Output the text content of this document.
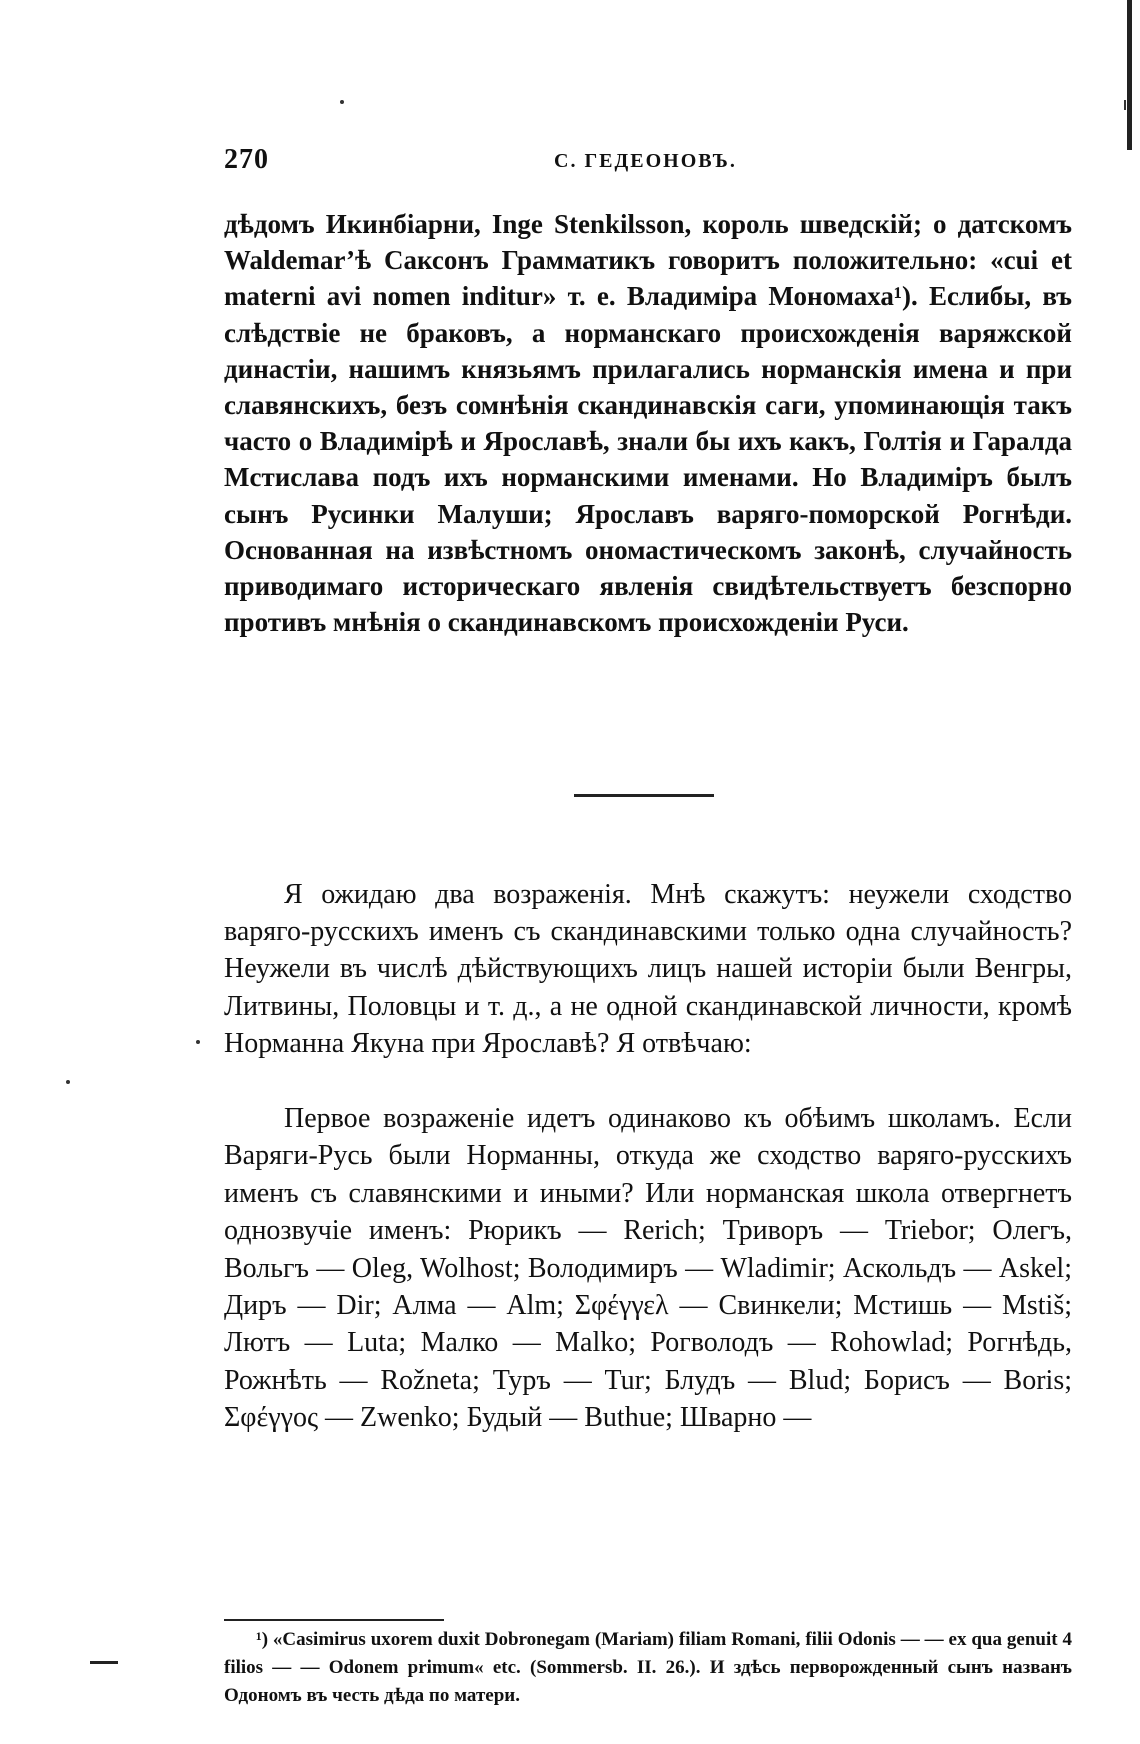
270	С. ГЕДЕОНОВЪ.
дѣдомъ Икинбіарни, Inge Stenkilsson, король шведскій; о датскомъ Waldemar’ѣ Саксонъ Грамматикъ говоритъ положительно: «cui et materni avi nomen inditur» т. е. Владиміра Мономаха¹). Еслибы, въ слѣдствіе не браковъ, а норманскаго происхожденія варяжской династіи, нашимъ князьямъ прилагались норманскія имена и при славянскихъ, безъ сомнѣнія скандинавскія саги, упоминающія такъ часто о Владимірѣ и Ярославѣ, знали бы ихъ какъ, Голтія и Гаралда Мстислава подъ ихъ норманскими именами. Но Владиміръ былъ сынъ Русинки Малуши; Ярославъ варяго-поморской Рогнѣди. Основанная на извѣстномъ ономастическомъ законѣ, случайность приводимаго историческаго явленія свидѣтельствуетъ безспорно противъ мнѣнія о скандинавскомъ происхожденіи Руси.
Я ожидаю два возраженія. Мнѣ скажутъ: неужели сходство варяго-русскихъ именъ съ скандинавскими только одна случайность? Неужели въ числѣ дѣйствующихъ лицъ нашей исторіи были Венгры, Литвины, Половцы и т. д., а не одной скандинавской личности, кромѣ Норманна Якуна при Ярославѣ? Я отвѣчаю:
Первое возраженіе идетъ одинаково къ обѣимъ школамъ. Если Варяги-Русь были Норманны, откуда же сходство варяго-русскихъ именъ съ славянскими и иными? Или норманская школа отвергнетъ однозвучіе именъ: Рюрикъ — Rerich; Триворъ — Triebor; Олегъ, Вольгъ — Oleg, Wolhost; Володимиръ — Wladimir; Аскольдъ — Askel; Диръ — Dir; Алма — Alm; Σφέγγελ — Свинкели; Мстишь — Mstiš; Лютъ — Luta; Малко — Malko; Рогволодъ — Rohowlad; Рогнѣдь, Рожнѣть — Rožneta; Туръ — Tur; Блудъ — Blud; Борисъ — Boris; Σφέγγος — Zwenko; Будый — Buthue; Шварно —
¹) «Casimirus uxorem duxit Dobronegam (Mariam) filiam Romani, filii Odonis — — ex qua genuit 4 filios — — Odonem primum« etc. (Sommersb. II. 26.). И здѣсь перворожденный сынъ названъ Одономъ въ честь дѣда по матери.
